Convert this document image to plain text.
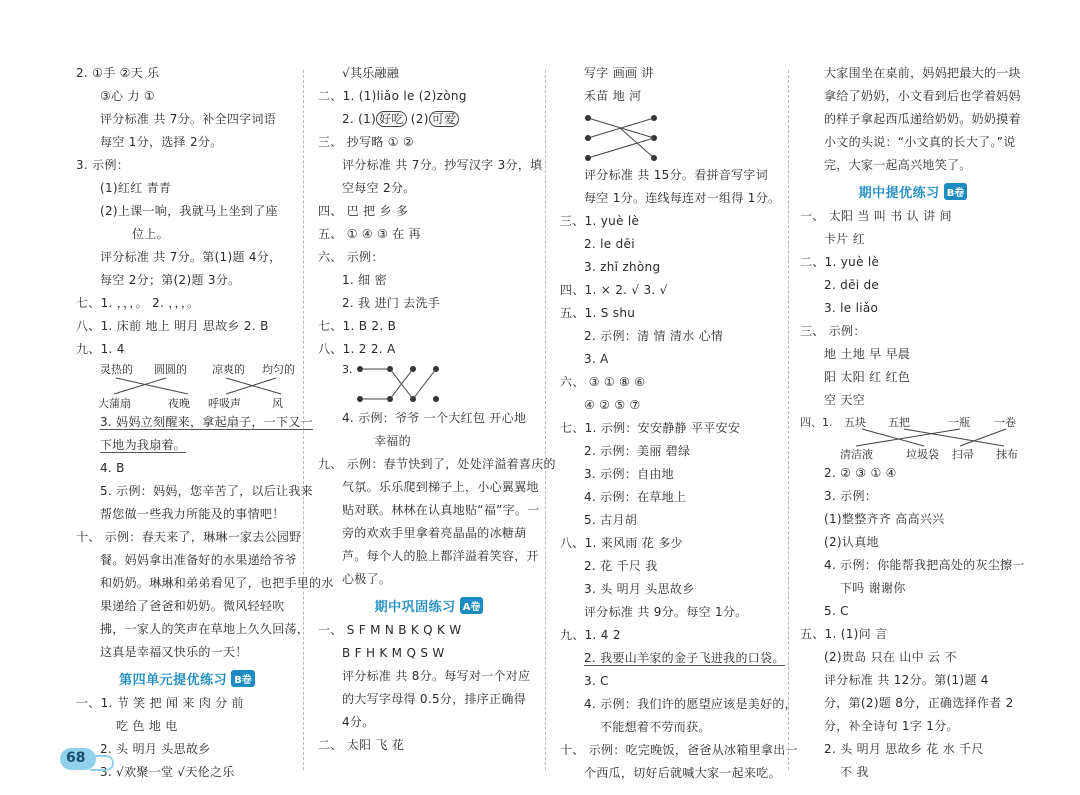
2. ①手 ②天 乐
③心 力 ①
评分标准 共 7分。补全四字词语
每空 1分，选择 2分。
3. 示例：
(1)红红 青青
(2)上课一响，我就马上坐到了座
位上。
评分标准 共 7分。第(1)题 4分，
每空 2分；第(2)题 3分。
七、1. ，，，。 2. ，，，。
八、1. 床前 地上 明月 思故乡 2. B
九、1. 4
灵热的 圆圆的 凉爽的 均匀的
大蒲扇	夜晚 呼吸声	风
3. 妈妈立刻醒来，拿起扇子，一下又一
下地为我扇着。
4. B
5. 示例：妈妈，您辛苦了，以后让我来
帮您做一些我力所能及的事情吧！
十、 示例：春天来了，琳琳一家去公园野
餐。妈妈拿出准备好的水果递给爷爷
和奶奶。琳琳和弟弟看见了，也把手里的水
果递给了爸爸和奶奶。微风轻轻吹
拂，一家人的笑声在草地上久久回荡，
这真是幸福又快乐的一天！
第四单元提优练习 B卷
一、1. 节 笑 把 闻 来 肉 分 前
吃 色 地 电
2. 头 明月 头思故乡
3. √欢聚一堂 √天伦之乐
√其乐融融
二、1. (1)liǎo le (2)zòng
2. (1) 好吃 (2) 可爱
三、 抄写略 ① ②
评分标准 共 7分。抄写汉字 3分，填
空每空 2分。
四、 巴 把 乡 多
五、 ① ④ ③ 在 再
六、 示例：
1. 细 密
2. 我 进门 去洗手
七、1. B 2. B
八、1. 2 2. A
3.
4. 示例：爷爷 一个大红包 开心地
幸福的
九、 示例：春节快到了，处处洋溢着喜庆的
气氛。乐乐爬到梯子上，小心翼翼地
贴对联。林林在认真地贴“福”字。一
旁的欢欢手里拿着亮晶晶的冰糖葫
芦。每个人的脸上都洋溢着笑容，开
心极了。
期中巩固练习 A卷
一、 S F M N B K Q K W
B F H K M Q S W
评分标准 共 8分。每写对一个对应
的大写字母得 0.5分，排序正确得
4分。
二、 太阳 飞 花
写字 画画 讲
禾苗 地 河
评分标准 共 15分。看拼音写字词
每空 1分。连线每连对一组得 1分。
三、1. yuè lè
2. le dēi
3. zhǐ zhòng
四、1. × 2. √ 3. √
五、1. S shu
2. 示例：清 情 清水 心情
3. A
六、 ③ ① ⑧ ⑥
④ ② ⑤ ⑦
七、1. 示例：安安静静 平平安安
2. 示例：美丽 碧绿
3. 示例：自由地
4. 示例：在草地上
5. 古月胡
八、1. 来风雨 花 多少
2. 花 千尺 我
3. 头 明月 头思故乡
评分标准 共 9分。每空 1分。
九、1. 4 2
2. 我要山羊家的金子飞进我的口袋。
3. C
4. 示例：我们许的愿望应该是美好的，
不能想着不劳而获。
十、 示例：吃完晚饭，爸爸从冰箱里拿出一
个西瓜，切好后就喊大家一起来吃。
大家围坐在桌前，妈妈把最大的一块
拿给了奶奶，小文看到后也学着妈妈
的样子拿起西瓜递给奶奶。奶奶摸着
小文的头说：“小文真的长大了。”说
完，大家一起高兴地笑了。
期中提优练习 B卷
一、 太阳 当 叫 书 认 讲 间
卡片 红
二、1. yuè lè
2. dēi de
3. le liǎo
三、 示例：
地 土地 早 早晨
阳 太阳 红 红色
空 天空
四、1. 五块 五把	一瓶 一卷
清洁液	垃圾袋 扫帚 抹布
2. ② ③ ① ④
3. 示例：
(1)整整齐齐 高高兴兴
(2)认真地
4. 示例：你能帮我把高处的灰尘擦一
下吗 谢谢你
5. C
五、1. (1)问 言
(2)贵岛 只在 山中 云 不
评分标准 共 12分。第(1)题 4
分，第(2)题 8分，正确选择作者 2
分，补全诗句 1字 1分。
2. 头 明月 思故乡 花 水 千尺
不 我
68
